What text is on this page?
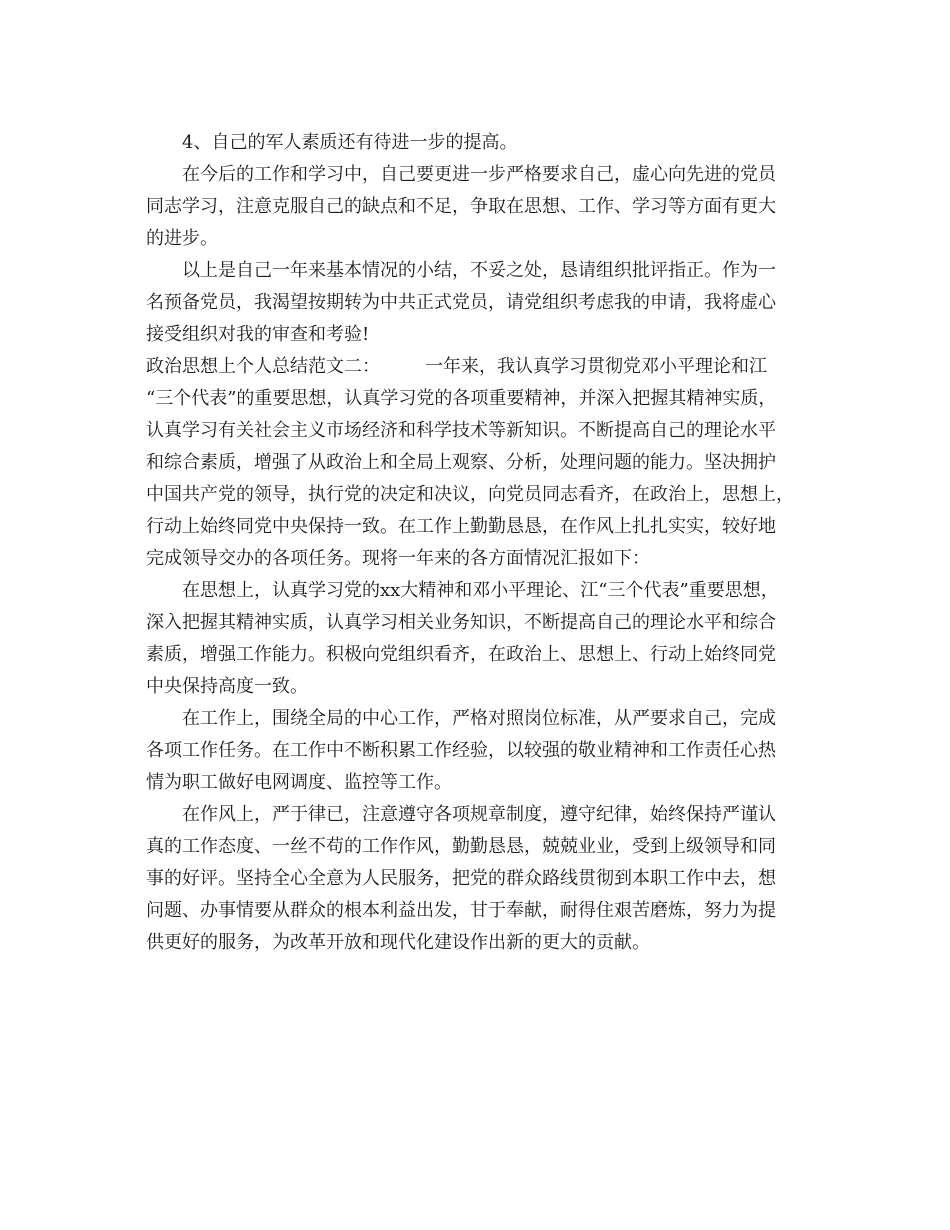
4、自己的军人素质还有待进一步的提高。
在今后的工作和学习中，自己要更进一步严格要求自己，虚心向先进的党员
同志学习，注意克服自己的缺点和不足，争取在思想、工作、学习等方面有更大
的进步。
以上是自己一年来基本情况的小结，不妥之处，恳请组织批评指正。作为一
名预备党员，我渴望按期转为中共正式党员，请党组织考虑我的申请，我将虚心
接受组织对我的审查和考验!
政治思想上个人总结范文二：　　　一年来，我认真学习贯彻党邓小平理论和江
“三个代表”的重要思想，认真学习党的各项重要精神，并深入把握其精神实质，
认真学习有关社会主义市场经济和科学技术等新知识。不断提高自己的理论水平
和综合素质，增强了从政治上和全局上观察、分析，处理问题的能力。坚决拥护
中国共产党的领导，执行党的决定和决议，向党员同志看齐，在政治上，思想上，
行动上始终同党中央保持一致。在工作上勤勤恳恳，在作风上扎扎实实，较好地
完成领导交办的各项任务。现将一年来的各方面情况汇报如下：
在思想上，认真学习党的xx大精神和邓小平理论、江“三个代表”重要思想，
深入把握其精神实质，认真学习相关业务知识，不断提高自己的理论水平和综合
素质，增强工作能力。积极向党组织看齐，在政治上、思想上、行动上始终同党
中央保持高度一致。
在工作上，围绕全局的中心工作，严格对照岗位标准，从严要求自己，完成
各项工作任务。在工作中不断积累工作经验，以较强的敬业精神和工作责任心热
情为职工做好电网调度、监控等工作。
在作风上，严于律已，注意遵守各项规章制度，遵守纪律，始终保持严谨认
真的工作态度、一丝不苟的工作作风，勤勤恳恳，兢兢业业，受到上级领导和同
事的好评。坚持全心全意为人民服务，把党的群众路线贯彻到本职工作中去，想
问题、办事情要从群众的根本利益出发，甘于奉献，耐得住艰苦磨炼，努力为提
供更好的服务，为改革开放和现代化建设作出新的更大的贡献。
